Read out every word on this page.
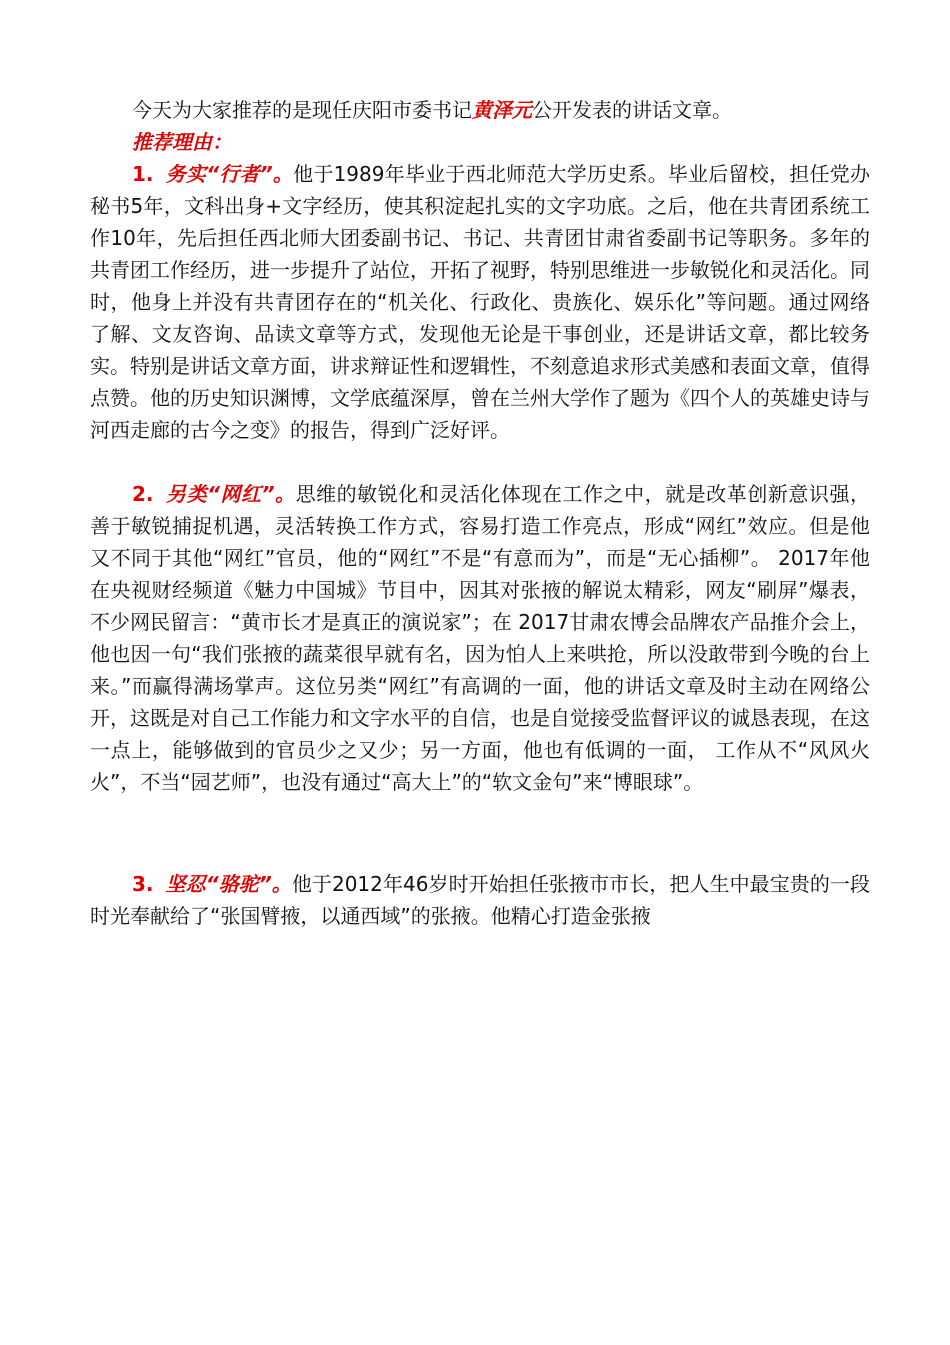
今天为大家推荐的是现任庆阳市委书记黄泽元公开发表的讲话文章。
推荐理由：
1. 务实“行者”。他于1989年毕业于西北师范大学历史系。毕业后留校，担任党办秘书5年，文科出身+文字经历，使其积淀起扎实的文字功底。之后，他在共青团系统工作10年，先后担任西北师大团委副书记、书记、共青团甘肃省委副书记等职务。多年的共青团工作经历，进一步提升了站位，开拓了视野，特别思维进一步敏锐化和灵活化。同时，他身上并没有共青团存在的“机关化、行政化、贵族化、娱乐化”等问题。通过网络了解、文友咨询、品读文章等方式，发现他无论是干事创业，还是讲话文章，都比较务实。特别是讲话文章方面，讲求辩证性和逻辑性，不刻意追求形式美感和表面文章，值得点赞。他的历史知识渊博，文学底蕴深厚，曾在兰州大学作了题为《四个人的英雄史诗与河西走廊的古今之变》的报告，得到广泛好评。
2. 另类“网红”。思维的敏锐化和灵活化体现在工作之中，就是改革创新意识强，善于敏锐捕捉机遇，灵活转换工作方式，容易打造工作亮点，形成“网红”效应。但是他又不同于其他“网红”官员，他的“网红”不是“有意而为”，而是“无心插柳”。 2017年他在央视财经频道《魅力中国城》节目中，因其对张掖的解说太精彩，网友“刷屏”爆表，不少网民留言：“黄市长才是真正的演说家”；在 2017甘肃农博会品牌农产品推介会上，他也因一句“我们张掖的蔬菜很早就有名，因为怕人上来哄抢，所以没敢带到今晚的台上来。”而赢得满场掌声。这位另类“网红”有高调的一面，他的讲话文章及时主动在网络公开，这既是对自己工作能力和文字水平的自信，也是自觉接受监督评议的诚恳表现，在这一点上，能够做到的官员少之又少；另一方面，他也有低调的一面， 工作从不“风风火火”，不当“园艺师”，也没有通过“高大上”的“软文金句”来“博眼球”。
3. 坚忍“骆驼”。他于2012年46岁时开始担任张掖市市长，把人生中最宝贵的一段时光奉献给了“张国臂掖，以通西域”的张掖。他精心打造金张掖
